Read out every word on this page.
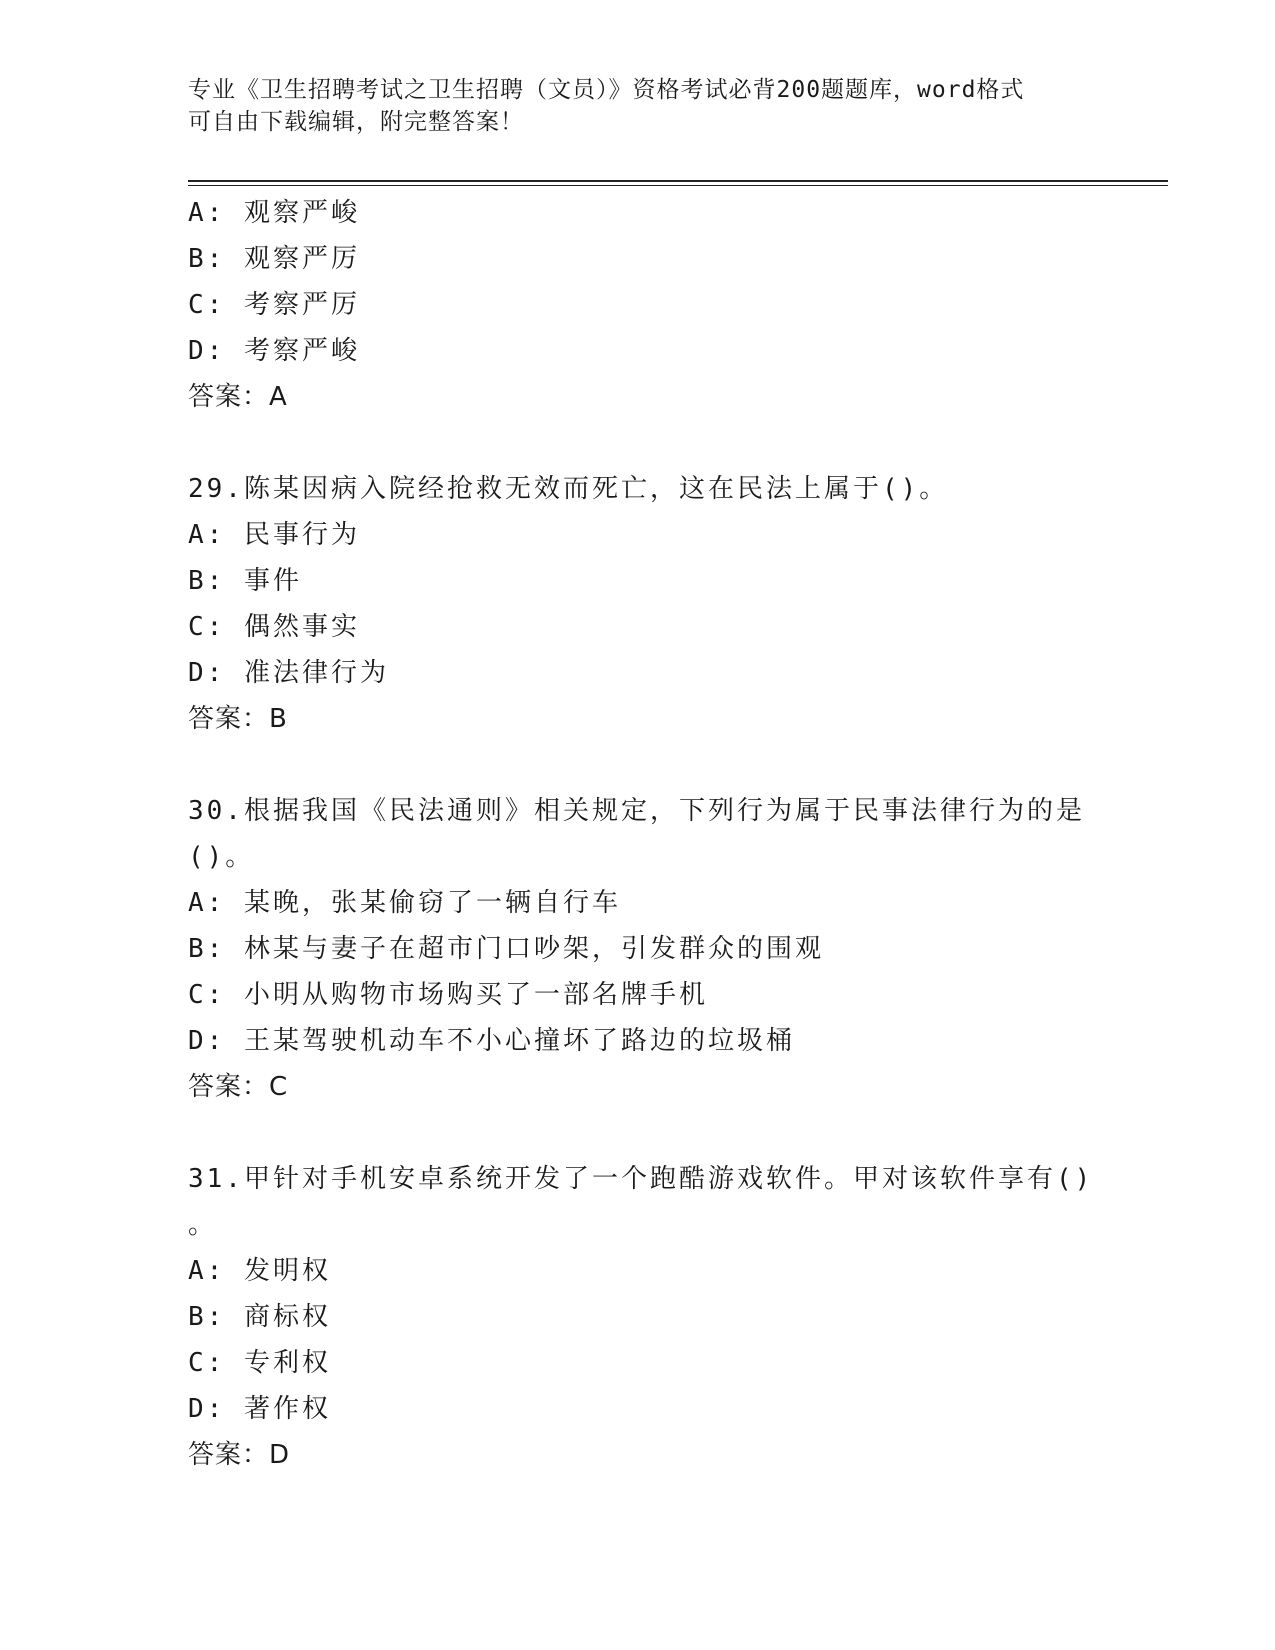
专业《卫生招聘考试之卫生招聘（文员）》资格考试必背200题题库，word格式
可自由下载编辑，附完整答案！
A: 观察严峻
B: 观察严厉
C: 考察严厉
D: 考察严峻
答案：A
29.陈某因病入院经抢救无效而死亡，这在民法上属于()。
A: 民事行为
B: 事件
C: 偶然事实
D: 准法律行为
答案：B
30.根据我国《民法通则》相关规定，下列行为属于民事法律行为的是
()。
A: 某晚，张某偷窃了一辆自行车
B: 林某与妻子在超市门口吵架，引发群众的围观
C: 小明从购物市场购买了一部名牌手机
D: 王某驾驶机动车不小心撞坏了路边的垃圾桶
答案：C
31.甲针对手机安卓系统开发了一个跑酷游戏软件。甲对该软件享有()
。
A: 发明权
B: 商标权
C: 专利权
D: 著作权
答案：D
